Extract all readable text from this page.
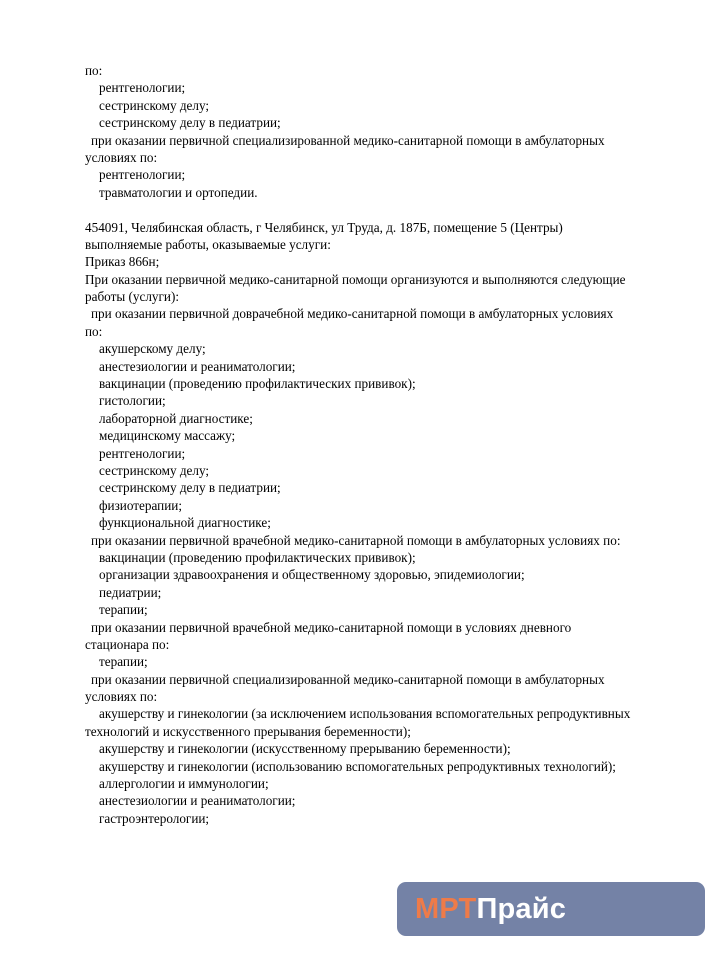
по:
рентгенологии;
сестринскому делу;
сестринскому делу в педиатрии;
при оказании первичной специализированной медико-санитарной помощи в амбулаторных
условиях по:
рентгенологии;
травматологии и ортопедии.
454091, Челябинская область, г Челябинск, ул Труда, д. 187Б, помещение 5 (Центры)
выполняемые работы, оказываемые услуги:
Приказ 866н;
При оказании первичной медико-санитарной помощи организуются и выполняются следующие
работы (услуги):
при оказании первичной доврачебной медико-санитарной помощи в амбулаторных условиях
по:
акушерскому делу;
анестезиологии и реаниматологии;
вакцинации (проведению профилактических прививок);
гистологии;
лабораторной диагностике;
медицинскому массажу;
рентгенологии;
сестринскому делу;
сестринскому делу в педиатрии;
физиотерапии;
функциональной диагностике;
при оказании первичной врачебной медико-санитарной помощи в амбулаторных условиях по:
вакцинации (проведению профилактических прививок);
организации здравоохранения и общественному здоровью, эпидемиологии;
педиатрии;
терапии;
при оказании первичной врачебной медико-санитарной помощи в условиях дневного
стационара по:
терапии;
при оказании первичной специализированной медико-санитарной помощи в амбулаторных
условиях по:
акушерству и гинекологии (за исключением использования вспомогательных репродуктивных
технологий и искусственного прерывания беременности);
акушерству и гинекологии (искусственному прерыванию беременности);
акушерству и гинекологии (использованию вспомогательных репродуктивных технологий);
аллергологии и иммунологии;
анестезиологии и реаниматологии;
гастроэнтерологии;
МРТ Прайс
